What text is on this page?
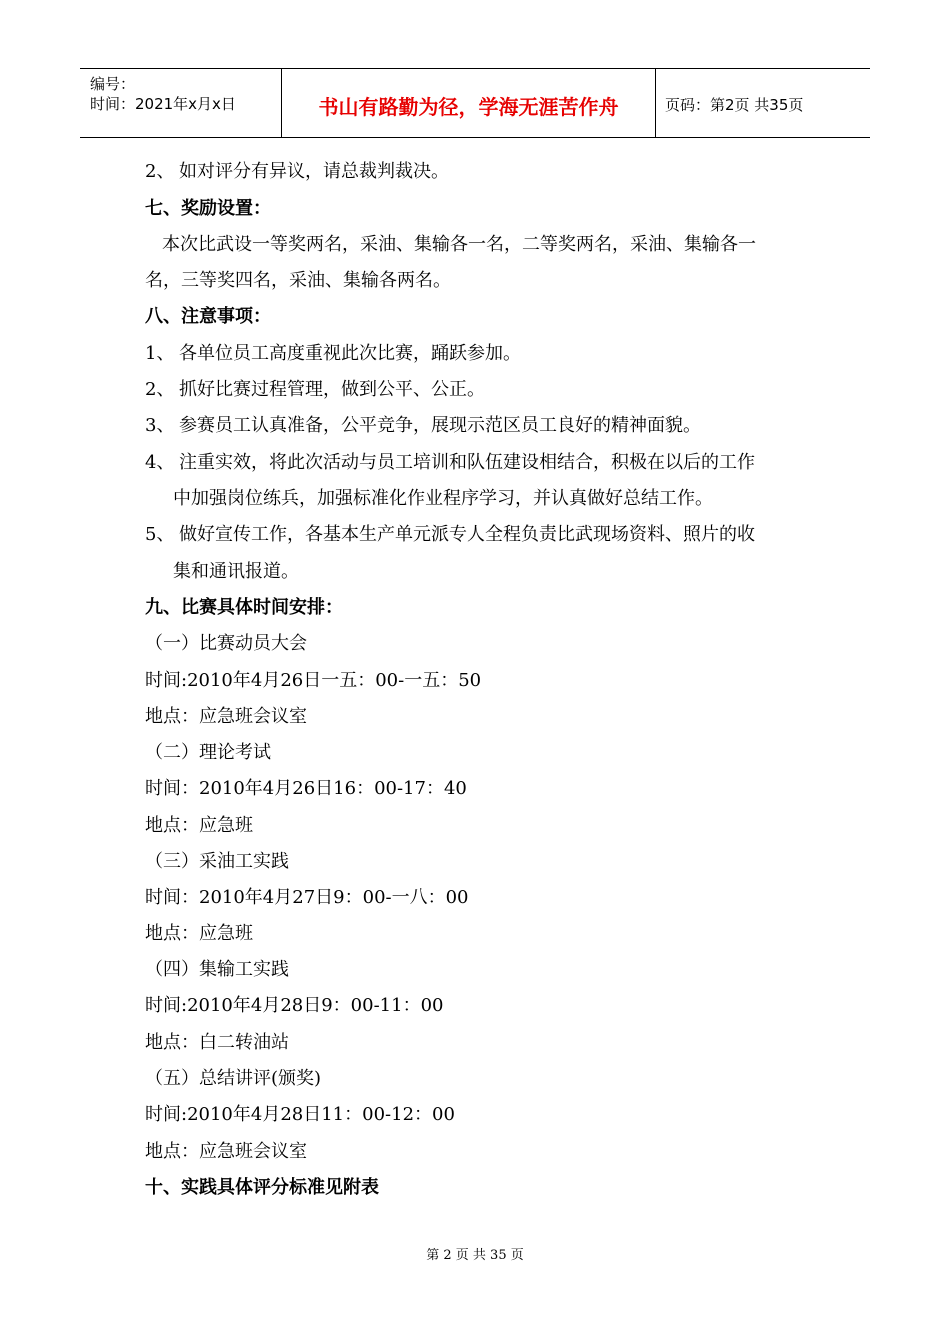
编号：
时间：2021年x月x日	书山有路勤为径，学海无涯苦作舟	页码：第2页 共35页
2、 如对评分有异议，请总裁判裁决。
七、奖励设置：
本次比武设一等奖两名，采油、集输各一名，二等奖两名，采油、集输各一
名，三等奖四名，采油、集输各两名。
八、注意事项：
1、 各单位员工高度重视此次比赛，踊跃参加。
2、 抓好比赛过程管理，做到公平、公正。
3、 参赛员工认真准备，公平竞争，展现示范区员工良好的精神面貌。
4、 注重实效，将此次活动与员工培训和队伍建设相结合，积极在以后的工作
中加强岗位练兵，加强标准化作业程序学习，并认真做好总结工作。
5、 做好宣传工作，各基本生产单元派专人全程负责比武现场资料、照片的收
集和通讯报道。
九、比赛具体时间安排：
（一）比赛动员大会
时间:2010年4月26日一五：00-一五：50
地点：应急班会议室
（二）理论考试
时间：2010年4月26日16：00-17：40
地点：应急班
（三）采油工实践
时间：2010年4月27日9：00-一八：00
地点：应急班
（四）集输工实践
时间:2010年4月28日9：00-11：00
地点：白二转油站
（五）总结讲评(颁奖)
时间:2010年4月28日11：00-12：00
地点：应急班会议室
十、实践具体评分标准见附表
第 2 页 共 35 页
